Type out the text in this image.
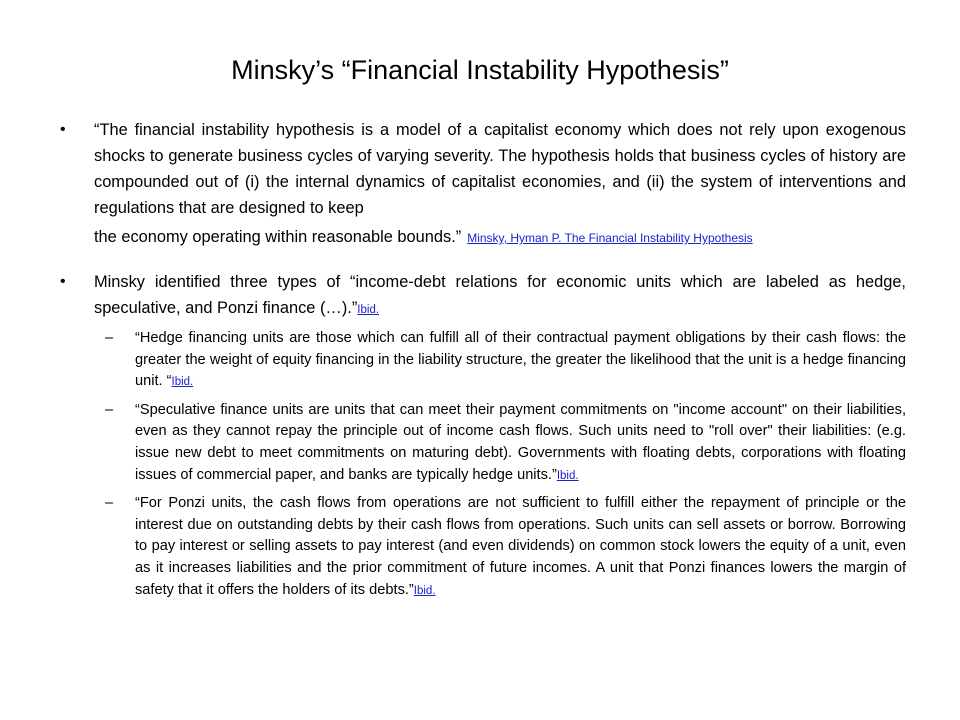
Minsky’s “Financial Instability Hypothesis”

•	“The financial instability hypothesis is a model of a capitalist economy which does not rely upon exogenous shocks to generate business cycles of varying severity. The hypothesis holds that business cycles of history are compounded out of (i) the internal dynamics of capitalist economies, and (ii) the system of interventions and regulations that are designed to keep
the economy operating within reasonable bounds.” Minsky, Hyman P. The Financial Instability Hypothesis

•	Minsky identified three types of “income-debt relations for economic units which are labeled as hedge, speculative, and Ponzi finance (…).”Ibid.

–	“Hedge financing units are those which can fulfill all of their contractual payment obligations by their cash flows: the greater the weight of equity financing in the liability structure, the greater the likelihood that the unit is a hedge financing unit. “Ibid.

–	“Speculative finance units are units that can meet their payment commitments on "income account" on their liabilities, even as they cannot repay the principle out of income cash flows. Such units need to "roll over" their liabilities: (e.g. issue new debt to meet commitments on maturing debt). Governments with floating debts, corporations with floating issues of commercial paper, and banks are typically hedge units.”Ibid.

–	“For Ponzi units, the cash flows from operations are not sufficient to fulfill either the repayment of principle or the interest due on outstanding debts by their cash flows from operations. Such units can sell assets or borrow. Borrowing to pay interest or selling assets to pay interest (and even dividends) on common stock lowers the equity of a unit, even as it increases liabilities and the prior commitment of future incomes. A unit that Ponzi finances lowers the margin of safety that it offers the holders of its debts.”Ibid.
